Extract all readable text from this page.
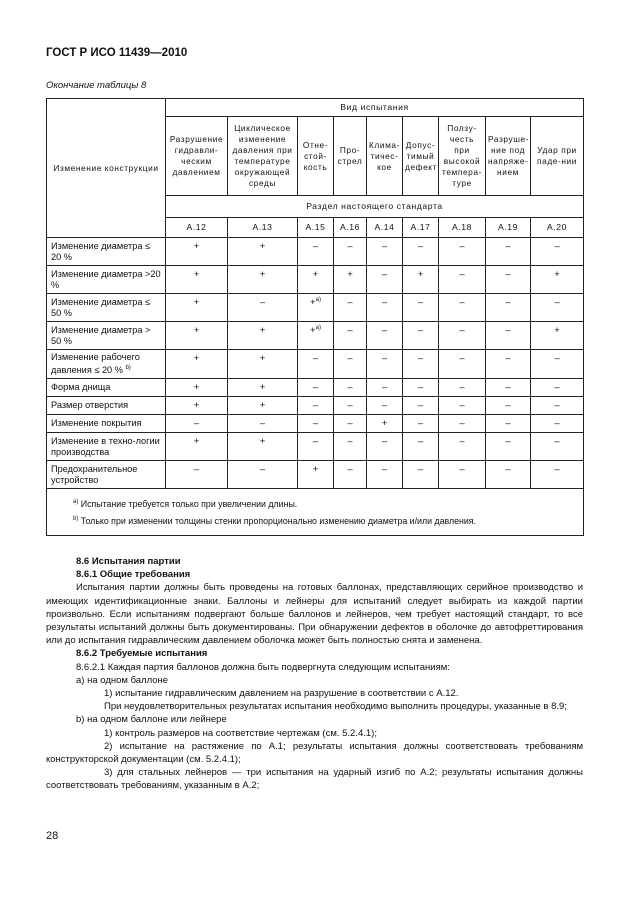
ГОСТ Р ИСО 11439—2010
Окончание таблицы 8
Изменение конструкции	Вид испытания								
	Разрушение гидравли-ческим давлением	Циклическое изменение давления при температуре окружающей среды	Отне-стой-кость	Про-стрел	Клима-тичес-кое	Допус-тимый дефект	Ползу-честь при высокой темпера-туре	Разруше-ние под напряже-нием	Удар при паде-нии
	Раздел настоящего стандарта								
	А.12	А.13	А.15	А.16	А.14	А.17	А.18	А.19	А.20
Изменение диаметра ≤ 20 %	+	+	–	–	–	–	–	–	–
Изменение диаметра >20 %	+	+	+	+	–	+	–	–	+
Изменение диаметра ≤ 50 %	+	–	+$^{a)}$	–	–	–	–	–	–
Изменение диаметра > 50 %	+	+	+$^{a)}$	–	–	–	–	–	+
Изменение рабочего давления ≤ 20 % $^{b)}$	+	+	–	–	–	–	–	–	–
Форма днища	+	+	–	–	–	–	–	–	–
Размер отверстия	+	+	–	–	–	–	–	–	–
Изменение покрытия	–	–	–	–	+	–	–	–	–
Изменение в техно-логии производства	+	+	–	–	–	–	–	–	–
Предохранительное устройство	–	–	+	–	–	–	–	–	–

$^{a)}$ Испытание требуется только при увеличении длины.
$^{b)}$ Только при изменении толщины стенки пропорционально изменению диаметра и/или давления.									

8.6 Испытания партии

8.6.1 Общие требования

Испытания партии должны быть проведены на готовых баллонах, представляющих серийное производство и имеющих идентификационные знаки. Баллоны и лейнеры для испытаний следует выбирать из каждой партии произвольно. Если испытаниям подвергают больше баллонов и лейнеров, чем требует настоящий стандарт, то все результаты испытаний должны быть документированы. При обнаружении дефектов в оболочке до автофреттирования или до испытания гидравлическим давлением оболочка может быть полностью снята и заменена.

8.6.2 Требуемые испытания

8.6.2.1 Каждая партия баллонов должна быть подвергнута следующим испытаниям:

a) на одном баллоне

1) испытание гидравлическим давлением на разрушение в соответствии с А.12.

При неудовлетворительных результатах испытания необходимо выполнить процедуры, указанные в 8.9;

b) на одном баллоне или лейнере

1) контроль размеров на соответствие чертежам (см. 5.2.4.1);

2) испытание на растяжение по А.1; результаты испытания должны соответствовать требованиям конструкторской документации (см. 5.2.4.1);

3) для стальных лейнеров — три испытания на ударный изгиб по А.2; результаты испытания должны соответствовать требованиям, указанным в А.2;

28
